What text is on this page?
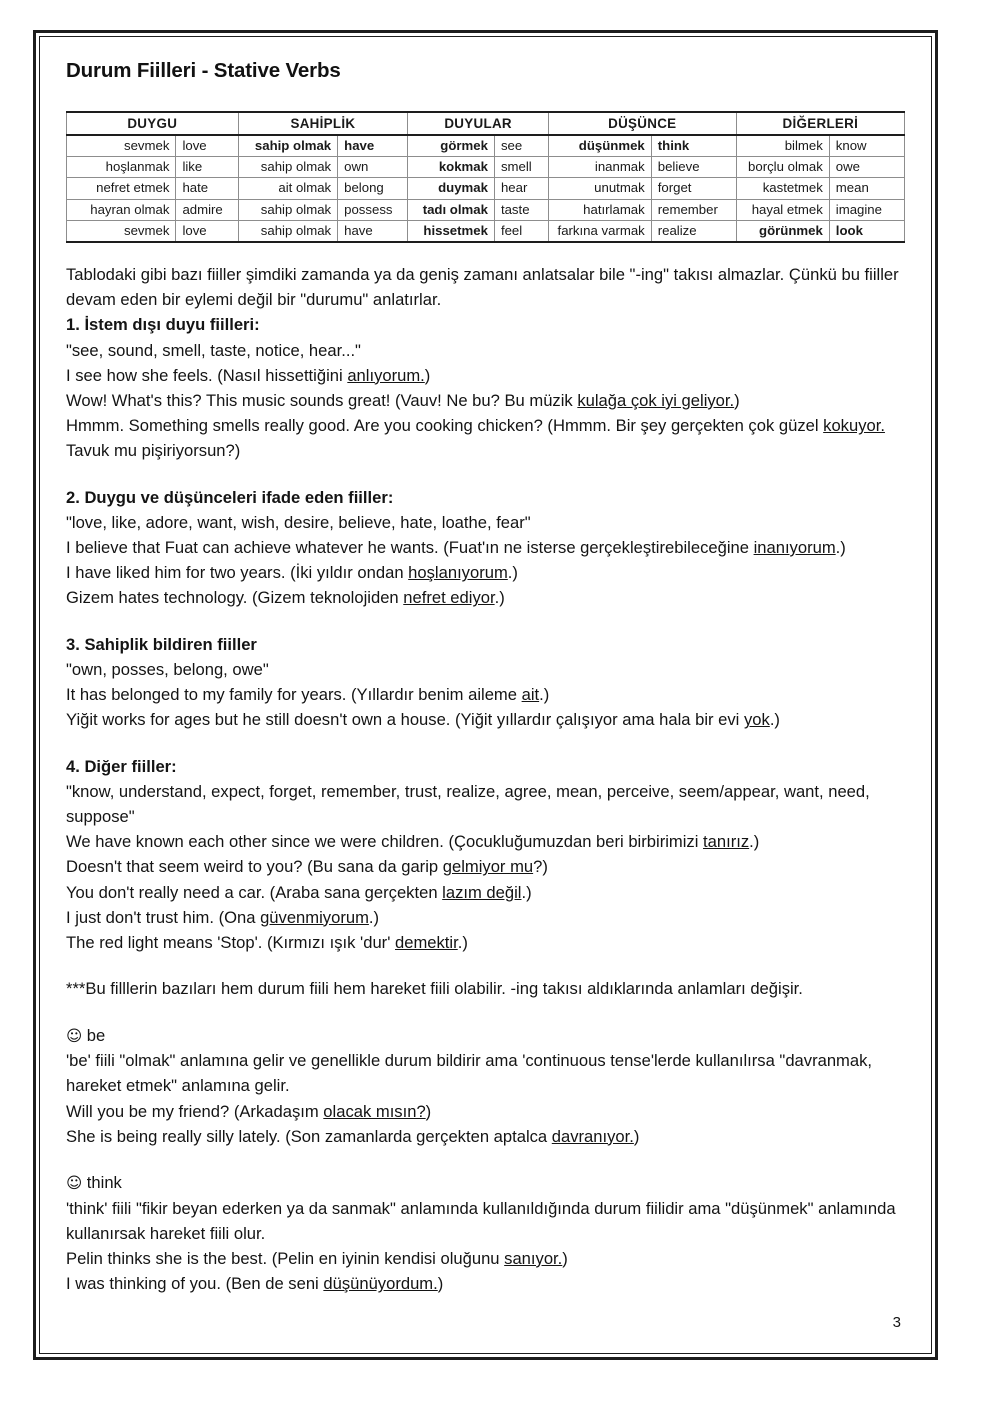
Durum Fiilleri - Stative Verbs
DUYGU		SAHİPLİK		DUYULAR		DÜŞÜNCE		DİĞERLERİ	
sevmek	love	sahip olmak	have	görmek	see	düşünmek	think	bilmek	know
hoşlanmak	like	sahip olmak	own	kokmak	smell	inanmak	believe	borçlu olmak	owe
nefret etmek	hate	ait olmak	belong	duymak	hear	unutmak	forget	kastetmek	mean
hayran olmak	admire	sahip olmak	possess	tadı olmak	taste	hatırlamak	remember	hayal etmek	imagine
sevmek	love	sahip olmak	have	hissetmek	feel	farkına varmak	realize	görünmek	look

Tablodaki gibi bazı fiiller şimdiki zamanda ya da geniş zamanı anlatsalar bile "-ing" takısı almazlar. Çünkü bu fiiller devam eden bir eylemi değil bir "durumu" anlatırlar.

1. İstem dışı duyu fiilleri:

"see, sound, smell, taste, notice, hear..."

I see how she feels. (Nasıl hissettiğini anlıyorum.)

Wow! What's this? This music sounds great! (Vauv! Ne bu? Bu müzik kulağa çok iyi geliyor.)

Hmmm. Something smells really good. Are you cooking chicken? (Hmmm. Bir şey gerçekten çok güzel kokuyor. Tavuk mu pişiriyorsun?)

2. Duygu ve düşünceleri ifade eden fiiller:

"love, like, adore, want, wish, desire, believe, hate, loathe, fear"

I believe that Fuat can achieve whatever he wants. (Fuat'ın ne isterse gerçekleştirebileceğine inanıyorum.)

I have liked him for two years. (İki yıldır ondan hoşlanıyorum.)

Gizem hates technology. (Gizem teknolojiden nefret ediyor.)

3. Sahiplik bildiren fiiller

"own, posses, belong, owe"

It has belonged to my family for years. (Yıllardır benim aileme ait.)

Yiğit works for ages but he still doesn't own a house. (Yiğit yıllardır çalışıyor ama hala bir evi yok.)

4. Diğer fiiller:

"know, understand, expect, forget, remember, trust, realize, agree, mean, perceive, seem/appear, want, need, suppose"

We have known each other since we were children. (Çocukluğumuzdan beri birbirimizi tanırız.)

Doesn't that seem weird to you? (Bu sana da garip gelmiyor mu?)

You don't really need a car. (Araba sana gerçekten lazım değil.)

I just don't trust him. (Ona güvenmiyorum.)

The red light means 'Stop'. (Kırmızı ışık 'dur' demektir.)

***Bu filllerin bazıları hem durum fiili hem hareket fiili olabilir. -ing takısı aldıklarında anlamları değişir.

☺ be

'be' fiili "olmak" anlamına gelir ve genellikle durum bildirir ama 'continuous tense'lerde kullanılırsa "davranmak, hareket etmek" anlamına gelir.

Will you be my friend? (Arkadaşım olacak mısın?)

She is being really silly lately. (Son zamanlarda gerçekten aptalca davranıyor.)

☺ think

'think' fiili "fikir beyan ederken ya da sanmak" anlamında kullanıldığında durum fiilidir ama "düşünmek" anlamında kullanırsak hareket fiili olur.

Pelin thinks she is the best. (Pelin en iyinin kendisi oluğunu sanıyor.)

I was thinking of you. (Ben de seni düşünüyordum.)

3
